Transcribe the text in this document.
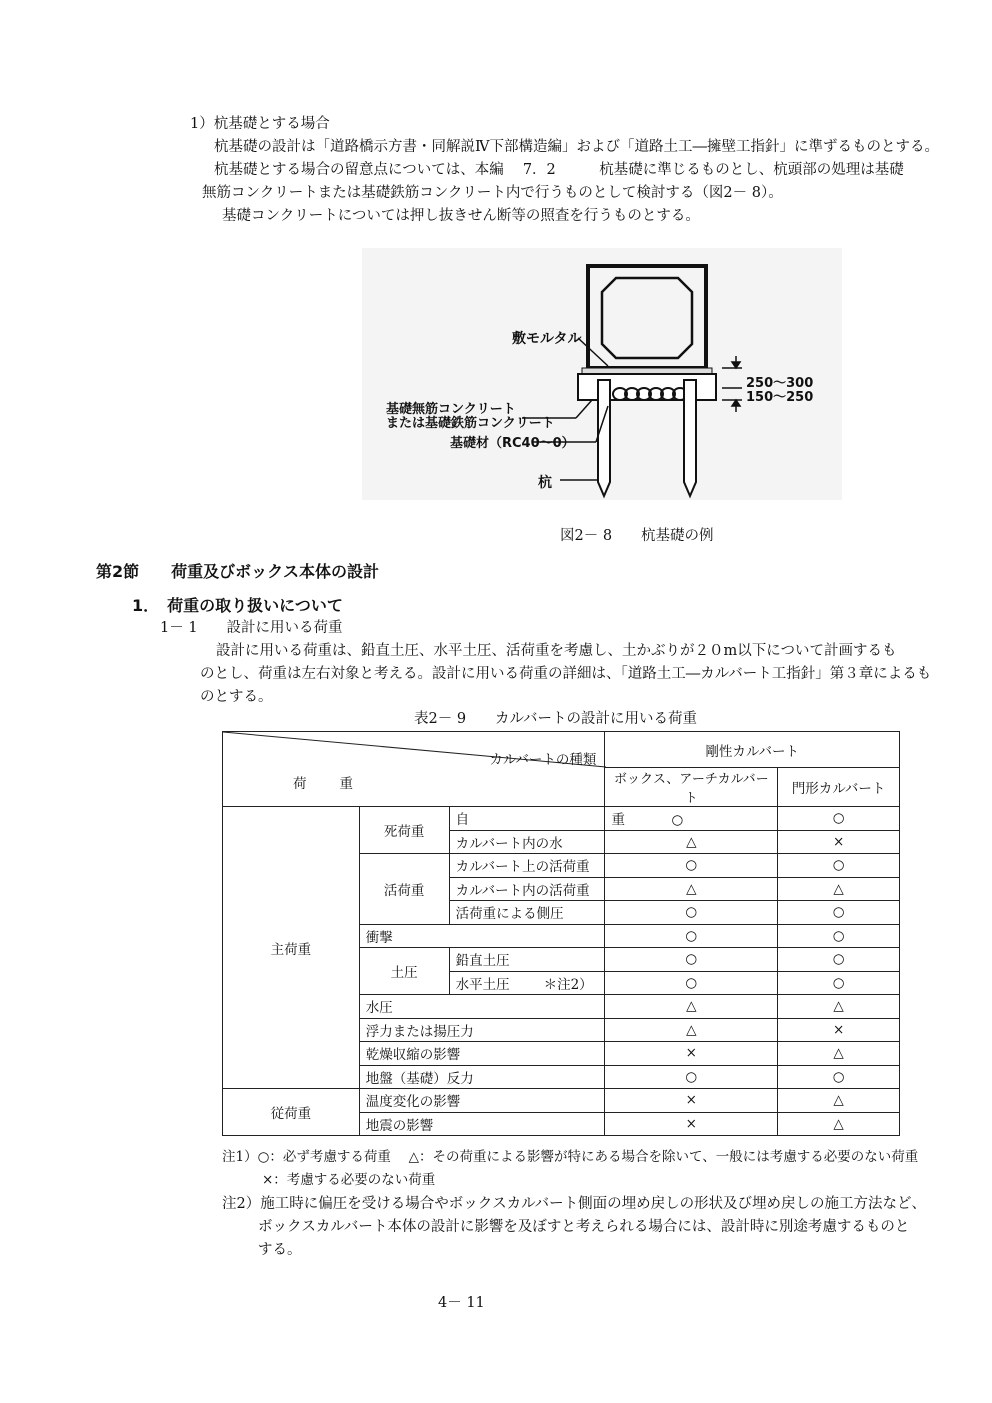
1）杭基礎とする場合
杭基礎の設計は「道路橋示方書・同解説Ⅳ下部構造編」および「道路土工―擁壁工指針」に準ずるものとする。
杭基礎とする場合の留意点については、本編　 7．2　　　杭基礎に準じるものとし、杭頭部の処理は基礎
無筋コンクリートまたは基礎鉄筋コンクリート内で行うものとして検討する（図2－ 8）。
基礎コンクリートについては押し抜きせん断等の照査を行うものとする。
敷モルタル
基礎無筋コンクリート
または基礎鉄筋コンクリート
基礎材（RC40～0）
杭
250～300
150～250
図2－ 8　　杭基礎の例
第2節　　荷重及びボックス本体の設計
1．　荷重の取り扱いについて
1－ 1　　設計に用いる荷重
設計に用いる荷重は、鉛直土圧、水平土圧、活荷重を考慮し、土かぶりが２０m以下について計画するも
のとし、荷重は左右対象と考える。設計に用いる荷重の詳細は、「道路土工―カルバート工指針」第３章によるも
のとする。
表2－ 9　　カルバートの設計に用いる荷重
カルバートの種類
荷　　重			剛性カルバート	
			ボックス、アーチカルバート	門形カルバート
主荷重	死荷重	自	重 ○	○
		カルバート内の水	△	×
	活荷重	カルバート上の活荷重	○	○
		カルバート内の活荷重	△	△
		活荷重による側圧	○	○
	衝撃		○	○
	土圧	鉛直土圧	○	○
		水平土圧 ＊注2）	○	○
	水圧		△	△
	浮力または揚圧力		△	×
	乾燥収縮の影響		×	△
	地盤（基礎）反力		○	○
従荷重	温度変化の影響		×	△
	地震の影響		×	△
注1）○：必ず考慮する荷重　 △：その荷重による影響が特にある場合を除いて、一般には考慮する必要のない荷重
×：考慮する必要のない荷重
注2）施工時に偏圧を受ける場合やボックスカルバート側面の埋め戻しの形状及び埋め戻しの施工方法など、
ボックスカルバート本体の設計に影響を及ぼすと考えられる場合には、設計時に別途考慮するものと
する。
4－ 11
